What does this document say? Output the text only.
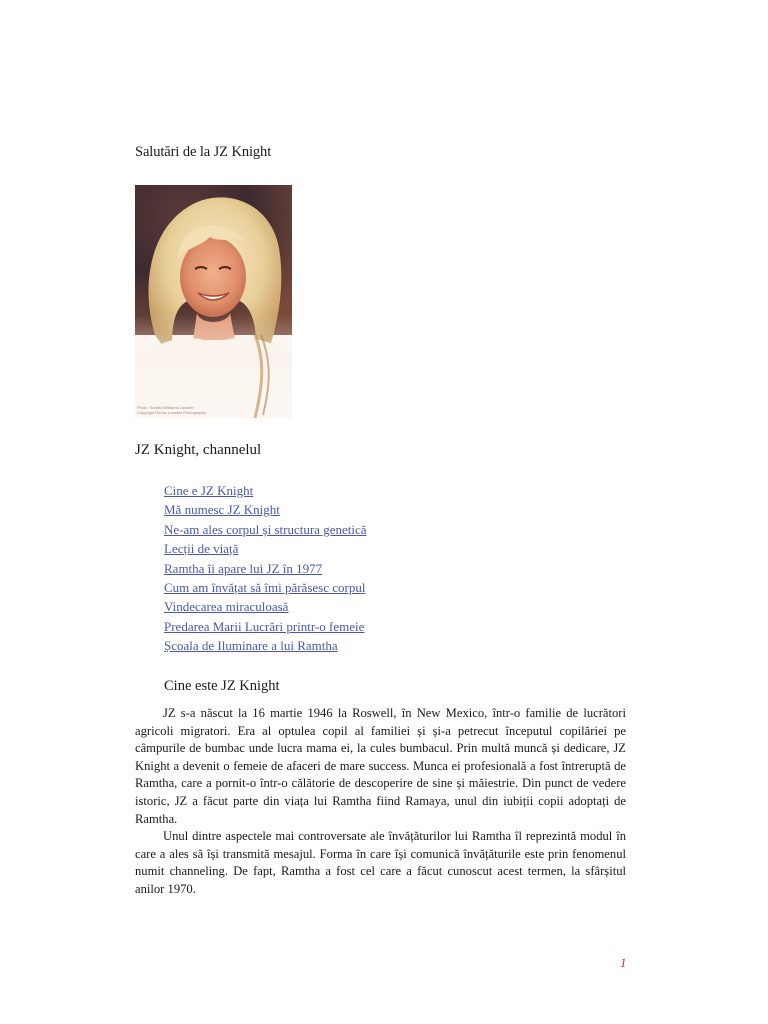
Salutări de la JZ Knight
Photo: Sandra Williams Lassiter
Copyright Renee Lassiter Photography
JZ Knight, channelul
Cine e JZ Knight
Mă numesc JZ Knight
Ne-am ales corpul și structura genetică
Lecții de viață
Ramtha îi apare lui JZ în 1977
Cum am învățat să îmi părăsesc corpul
Vindecarea miraculoasă
Predarea Marii Lucrări printr-o femeie
Școala de Iluminare a lui Ramtha
Cine este JZ Knight

JZ s-a născut la 16 martie 1946 la Roswell, în New Mexico, într-o familie de lucrători agricoli migratori. Era al optulea copil al familiei și și-a petrecut începutul copilăriei pe câmpurile de bumbac unde lucra mama ei, la cules bumbacul. Prin multă muncă și dedicare, JZ Knight a devenit o femeie de afaceri de mare success. Munca ei profesională a fost întreruptă de Ramtha, care a pornit-o într-o călătorie de descoperire de sine și măiestrie. Din punct de vedere istoric, JZ a făcut parte din viața lui Ramtha fiind Ramaya, unul din iubiții copii adoptați de Ramtha.

Unul dintre aspectele mai controversate ale învățăturilor lui Ramtha îl reprezintă modul în care a ales să își transmită mesajul. Forma în care își comunică învățăturile este prin fenomenul numit channeling. De fapt, Ramtha a fost cel care a făcut cunoscut acest termen, la sfârșitul anilor 1970.

1
